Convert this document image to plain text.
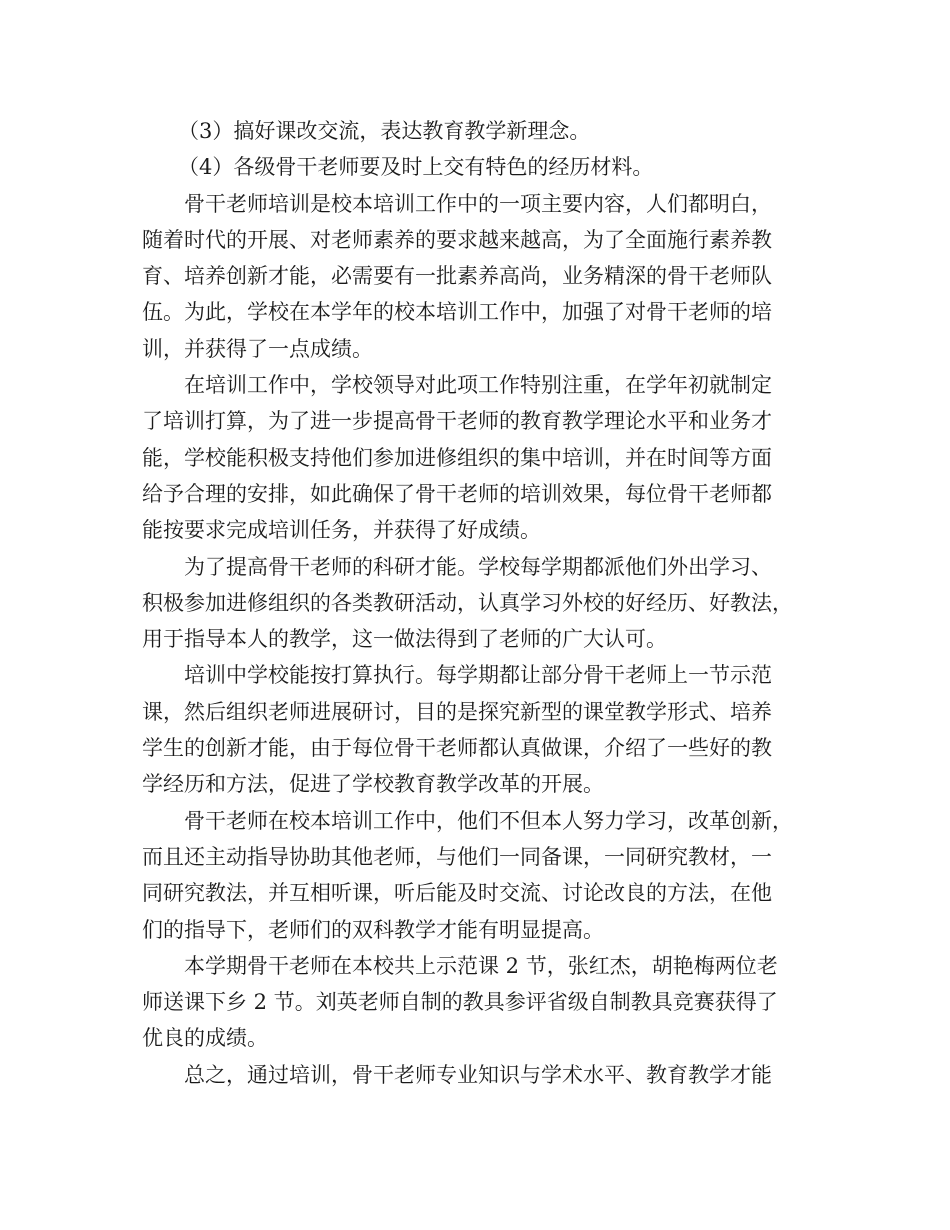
（3）搞好课改交流，表达教育教学新理念。
（4）各级骨干老师要及时上交有特色的经历材料。
骨干老师培训是校本培训工作中的一项主要内容，人们都明白，
随着时代的开展、对老师素养的要求越来越高，为了全面施行素养教
育、培养创新才能，必需要有一批素养高尚，业务精深的骨干老师队
伍。为此，学校在本学年的校本培训工作中，加强了对骨干老师的培
训，并获得了一点成绩。
在培训工作中，学校领导对此项工作特别注重，在学年初就制定
了培训打算，为了进一步提高骨干老师的教育教学理论水平和业务才
能，学校能积极支持他们参加进修组织的集中培训，并在时间等方面
给予合理的安排，如此确保了骨干老师的培训效果，每位骨干老师都
能按要求完成培训任务，并获得了好成绩。
为了提高骨干老师的科研才能。学校每学期都派他们外出学习、
积极参加进修组织的各类教研活动，认真学习外校的好经历、好教法，
用于指导本人的教学，这一做法得到了老师的广大认可。
培训中学校能按打算执行。每学期都让部分骨干老师上一节示范
课，然后组织老师进展研讨，目的是探究新型的课堂教学形式、培养
学生的创新才能，由于每位骨干老师都认真做课，介绍了一些好的教
学经历和方法，促进了学校教育教学改革的开展。
骨干老师在校本培训工作中，他们不但本人努力学习，改革创新，
而且还主动指导协助其他老师，与他们一同备课，一同研究教材，一
同研究教法，并互相听课，听后能及时交流、讨论改良的方法，在他
们的指导下，老师们的双科教学才能有明显提高。
本学期骨干老师在本校共上示范课 2 节，张红杰，胡艳梅两位老
师送课下乡 2 节。刘英老师自制的教具参评省级自制教具竞赛获得了
优良的成绩。
总之，通过培训，骨干老师专业知识与学术水平、教育教学才能
